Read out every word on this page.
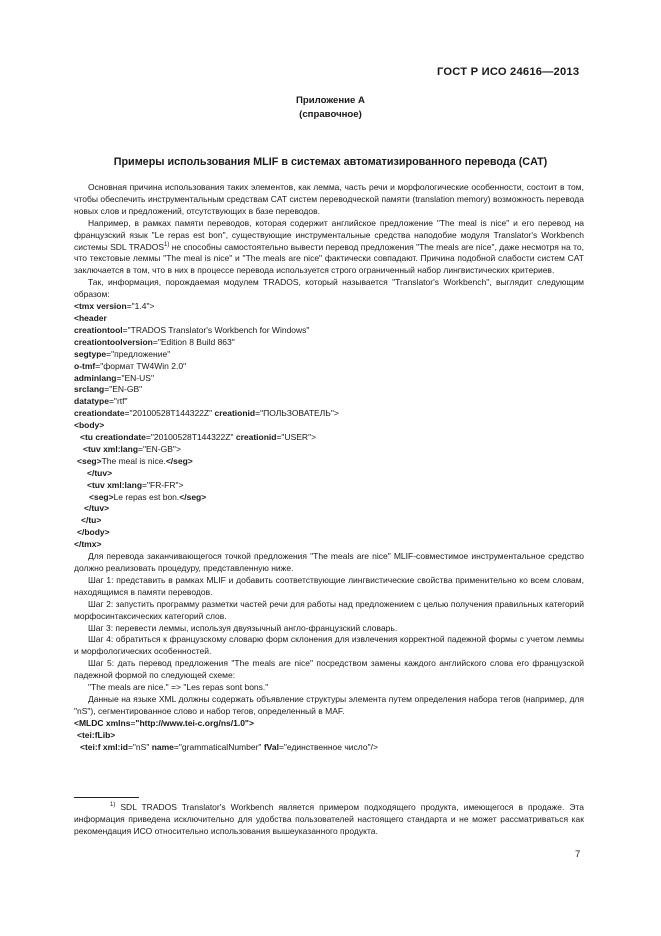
ГОСТ Р ИСО 24616—2013
Приложение А
(справочное)
Примеры использования MLIF в системах автоматизированного перевода (CAT)
Основная причина использования таких элементов, как лемма, часть речи и морфологические особенности, состоит в том, чтобы обеспечить инструментальным средствам CAT систем переводческой памяти (translation memory) возможность перевода новых слов и предложений, отсутствующих в базе переводов.
Например, в рамках памяти переводов, которая содержит английское предложение "The meal is nice" и его перевод на французский язык "Le repas est bon", существующие инструментальные средства наподобие модуля Translator's Workbench системы SDL TRADOS$^{1)}$ не способны самостоятельно вывести перевод предложения "The meals are nice", даже несмотря на то, что текстовые леммы "The meal is nice" и "The meals are nice" фактически совпадают. Причина подобной слабости систем CAT заключается в том, что в них в процессе перевода используется строго ограниченный набор лингвистических критериев.
Так, информация, порождаемая модулем TRADOS, который называется "Translator's Workbench", выглядит следующим образом:
<tmx version="1.4">
<header
creationtool="TRADOS Translator's Workbench for Windows"
creationtoolversion="Edition 8 Build 863"
segtype="предложение"
o-tmf="формат TW4Win 2.0"
adminlang="EN-US"
srclang="EN-GB"
datatype="rtf"
creationdate="20100528T144322Z" creationid="ПОЛЬЗОВАТЕЛЬ">
<body>
<tu creationdate="20100528T144322Z" creationid="USER">
<tuv xml:lang="EN-GB">
<seg>The meal is nice.</seg>
</tuv>
<tuv xml:lang="FR-FR">
<seg>Le repas est bon.</seg>
</tuv>
</tu>
</body>
</tmx>
Для перевода заканчивающегося точкой предложения "The meals are nice" MLIF-совместимое инструментальное средство должно реализовать процедуру, представленную ниже.
Шаг 1: представить в рамках MLIF и добавить соответствующие лингвистические свойства применительно ко всем словам, находящимся в памяти переводов.
Шаг 2: запустить программу разметки частей речи для работы над предложением с целью получения правильных категорий морфосинтаксических категорий слов.
Шаг 3: перевести леммы, используя двуязычный англо-французский словарь.
Шаг 4: обратиться к французскому словарю форм склонения для извлечения корректной падежной формы с учетом леммы и морфологических особенностей.
Шаг 5: дать перевод предложения "The meals are nice" посредством замены каждого английского слова его французской падежной формой по следующей схеме:
"The meals are nice." => "Les repas sont bons."
Данные на языке XML должны содержать объявление структуры элемента путем определения набора тегов (например, для "nS"), сегментированное слово и набор тегов, определенный в MAF.
<MLDC xmlns="http://www.tei-c.org/ns/1.0">
<tei:fLib>
<tei:f xml:id="nS" name="grammaticalNumber" fVal="единственное число"/>
$^{1)}$ SDL TRADOS Translator's Workbench является примером подходящего продукта, имеющегося в продаже. Эта информация приведена исключительно для удобства пользователей настоящего стандарта и не может рассматриваться как рекомендация ИСО относительно использования вышеуказанного продукта.
7
